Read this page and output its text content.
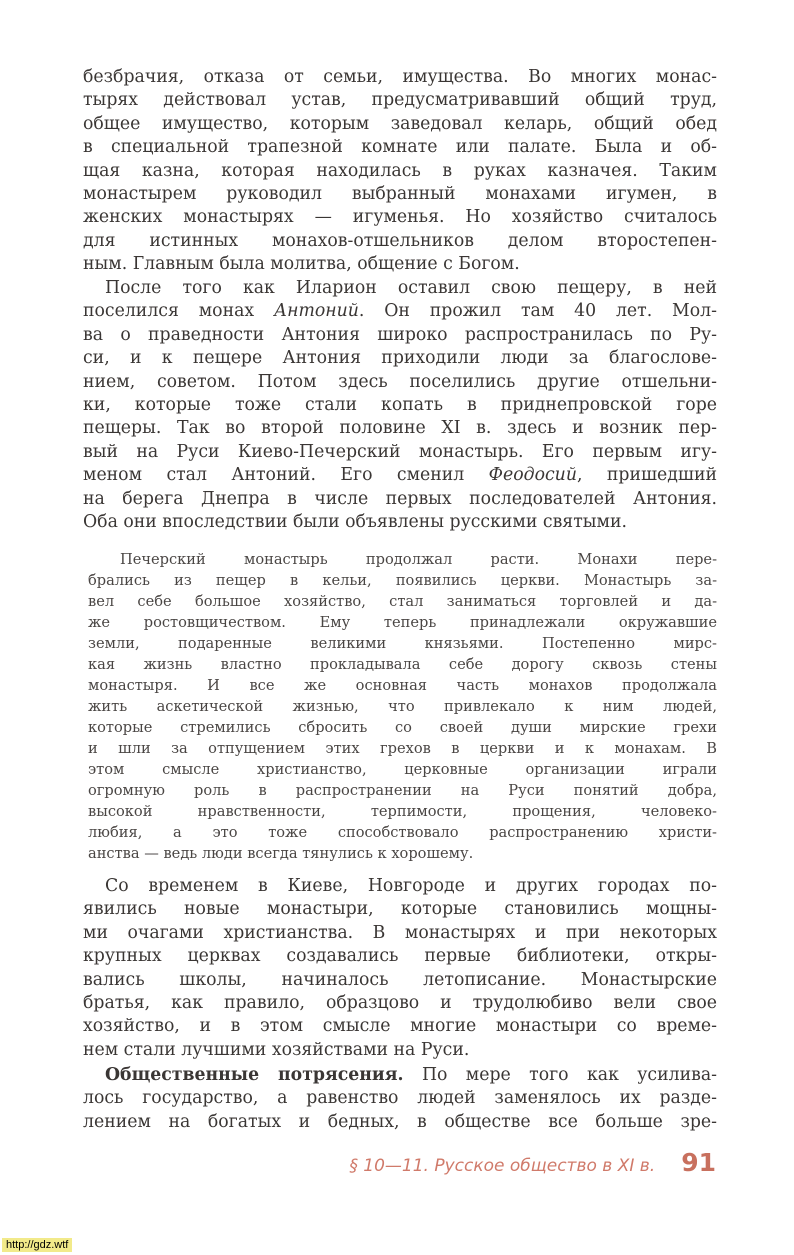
безбрачия, отказа от семьи, имущества. Во многих монас-
тырях действовал устав, предусматривавший общий труд,
общее имущество, которым заведовал келарь, общий обед
в специальной трапезной комнате или палате. Была и об-
щая казна, которая находилась в руках казначея. Таким
монастырем руководил выбранный монахами игумен, в
женских монастырях — игуменья. Но хозяйство считалось
для истинных монахов-отшельников делом второстепен-
ным. Главным была молитва, общение с Богом.
После того как Иларион оставил свою пещеру, в ней
поселился монах Антоний. Он прожил там 40 лет. Мол-
ва о праведности Антония широко распространилась по Ру-
си, и к пещере Антония приходили люди за благослове-
нием, советом. Потом здесь поселились другие отшельни-
ки, которые тоже стали копать в приднепровской горе
пещеры. Так во второй половине XI в. здесь и возник пер-
вый на Руси Киево-Печерский монастырь. Его первым игу-
меном стал Антоний. Его сменил Феодосий, пришедший
на берега Днепра в числе первых последователей Антония.
Оба они впоследствии были объявлены русскими святыми.
Печерский монастырь продолжал расти. Монахи пере-
брались из пещер в кельи, появились церкви. Монастырь за-
вел себе большое хозяйство, стал заниматься торговлей и да-
же ростовщичеством. Ему теперь принадлежали окружавшие
земли, подаренные великими князьями. Постепенно мирс-
кая жизнь властно прокладывала себе дорогу сквозь стены
монастыря. И все же основная часть монахов продолжала
жить аскетической жизнью, что привлекало к ним людей,
которые стремились сбросить со своей души мирские грехи
и шли за отпущением этих грехов в церкви и к монахам. В
этом смысле христианство, церковные организации играли
огромную роль в распространении на Руси понятий добра,
высокой нравственности, терпимости, прощения, человеко-
любия, а это тоже способствовало распространению христи-
анства — ведь люди всегда тянулись к хорошему.
Со временем в Киеве, Новгороде и других городах по-
явились новые монастыри, которые становились мощны-
ми очагами христианства. В монастырях и при некоторых
крупных церквах создавались первые библиотеки, откры-
вались школы, начиналось летописание. Монастырские
братья, как правило, образцово и трудолюбиво вели свое
хозяйство, и в этом смысле многие монастыри со време-
нем стали лучшими хозяйствами на Руси.
Общественные потрясения. По мере того как усилива-
лось государство, а равенство людей заменялось их разде-
лением на богатых и бедных, в обществе все больше зре-
§ 10—11. Русское общество в XI в. 91
http://gdz.wtf
